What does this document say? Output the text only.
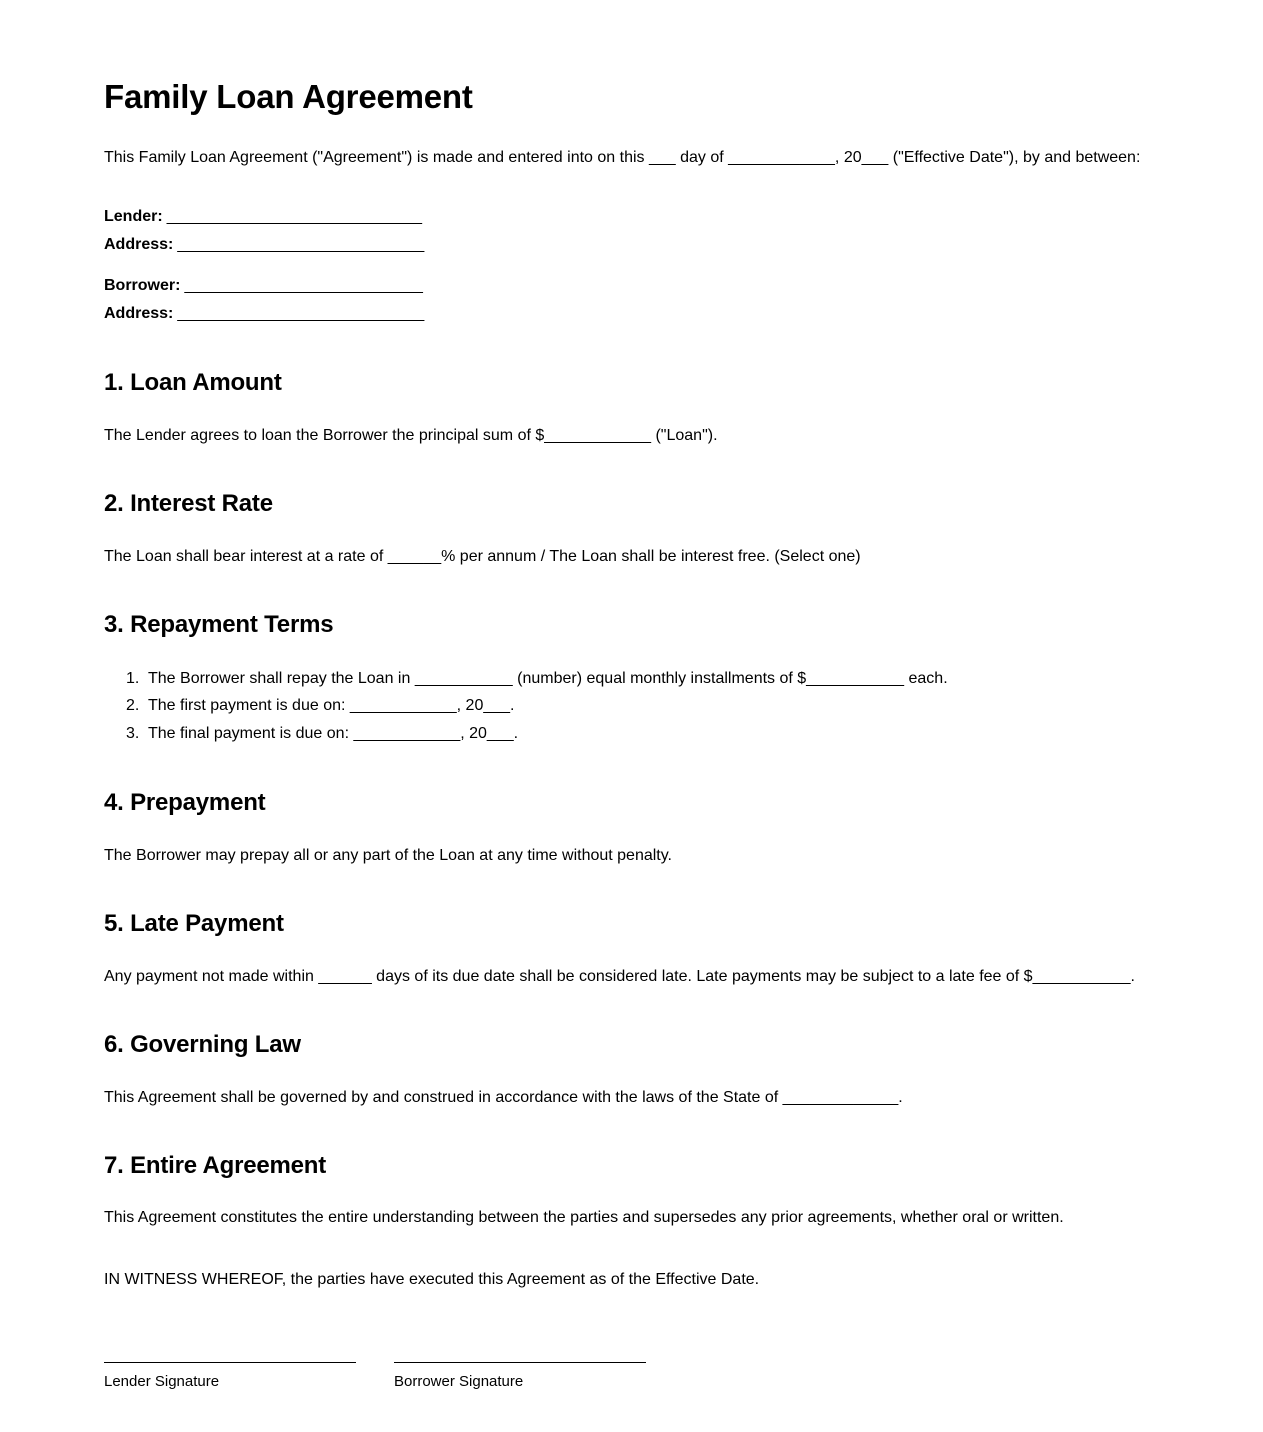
Family Loan Agreement

This Family Loan Agreement ("Agreement") is made and entered into on this ___ day of ____________, 20___ ("Effective Date"), by and between:

Lender: ______________________________
Address: _____________________________
Borrower: ____________________________
Address: _____________________________
1. Loan Amount

The Lender agrees to loan the Borrower the principal sum of $____________ ("Loan").

2. Interest Rate

The Loan shall bear interest at a rate of ______% per annum / The Loan shall be interest free. (Select one)

3. Repayment Terms
1. The Borrower shall repay the Loan in ___________ (number) equal monthly installments of $___________ each.
2. The first payment is due on: ____________, 20___.
3. The final payment is due on: ____________, 20___.
4. Prepayment

The Borrower may prepay all or any part of the Loan at any time without penalty.

5. Late Payment

Any payment not made within ______ days of its due date shall be considered late. Late payments may be subject to a late fee of $___________.

6. Governing Law

This Agreement shall be governed by and construed in accordance with the laws of the State of _____________.

7. Entire Agreement

This Agreement constitutes the entire understanding between the parties and supersedes any prior agreements, whether oral or written.

IN WITNESS WHEREOF, the parties have executed this Agreement as of the Effective Date.

Lender Signature	Borrower Signature
